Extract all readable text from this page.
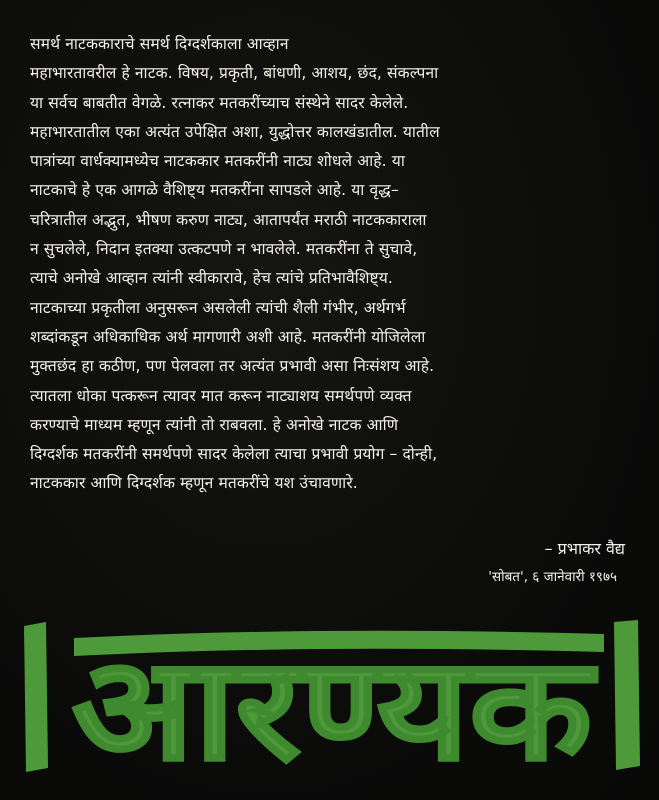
समर्थ नाटककाराचे समर्थ दिग्दर्शकाला आव्हान
महाभारतावरील हे नाटक. विषय, प्रकृती, बांधणी, आशय, छंद, संकल्पना
या सर्वच बाबतीत वेगळे. रत्नाकर मतकरींच्याच संस्थेने सादर केलेले.
महाभारतातील एका अत्यंत उपेक्षित अशा, युद्धोत्तर कालखंडातील. यातील
पात्रांच्या वार्धक्यामध्येच नाटककार मतकरींनी नाट्य शोधले आहे. या
नाटकाचे हे एक आगळे वैशिष्ट्य मतकरींना सापडले आहे. या वृद्ध–
चरित्रातील अद्भुत, भीषण करुण नाट्य, आतापर्यंत मराठी नाटककाराला
न सुचलेले, निदान इतक्या उत्कटपणे न भावलेले. मतकरींना ते सुचावे,
त्याचे अनोखे आव्हान त्यांनी स्वीकारावे, हेच त्यांचे प्रतिभावैशिष्ट्य.
नाटकाच्या प्रकृतीला अनुसरून असलेली त्यांची शैली गंभीर, अर्थगर्भ
शब्दांकडून अधिकाधिक अर्थ मागणारी अशी आहे. मतकरींनी योजिलेला
मुक्तछंद हा कठीण, पण पेलवला तर अत्यंत प्रभावी असा निःसंशय आहे.
त्यातला धोका पत्करून त्यावर मात करून नाट्याशय समर्थपणे व्यक्त
करण्याचे माध्यम म्हणून त्यांनी तो राबवला. हे अनोखे नाटक आणि
दिग्दर्शक मतकरींनी समर्थपणे सादर केलेला त्याचा प्रभावी प्रयोग – दोन्ही,
नाटककार आणि दिग्दर्शक म्हणून मतकरींचे यश उंचावणारे.
– प्रभाकर वैद्य
'सोबत', ६ जानेवारी १९७५
आरण्यक
